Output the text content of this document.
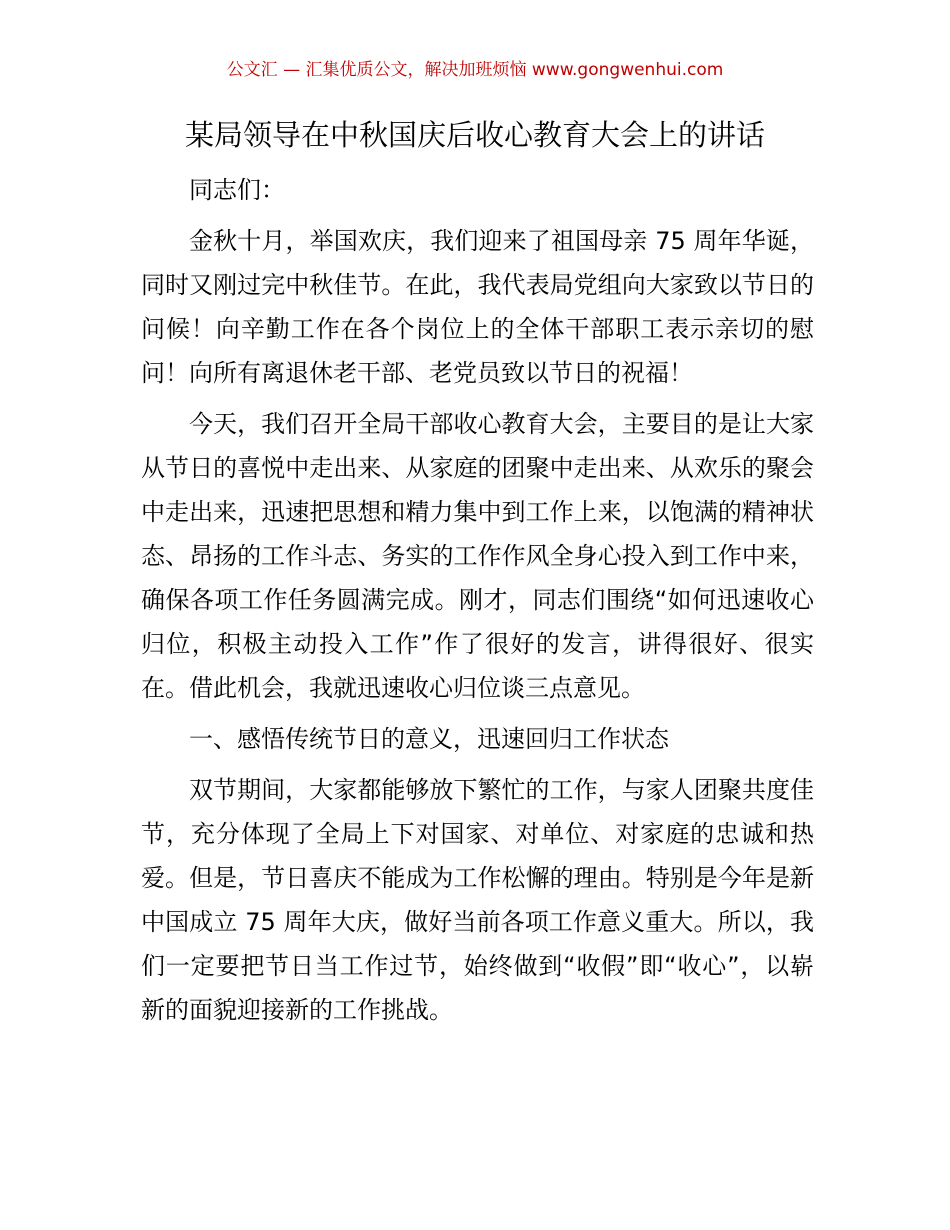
公文汇 — 汇集优质公文，解决加班烦恼 www.gongwenhui.com
某局领导在中秋国庆后收心教育大会上的讲话

同志们：

金秋十月，举国欢庆，我们迎来了祖国母亲 75 周年华诞，同时又刚过完中秋佳节。在此，我代表局党组向大家致以节日的问候！向辛勤工作在各个岗位上的全体干部职工表示亲切的慰问！向所有离退休老干部、老党员致以节日的祝福！

今天，我们召开全局干部收心教育大会，主要目的是让大家从节日的喜悦中走出来、从家庭的团聚中走出来、从欢乐的聚会中走出来，迅速把思想和精力集中到工作上来，以饱满的精神状态、昂扬的工作斗志、务实的工作作风全身心投入到工作中来，确保各项工作任务圆满完成。刚才，同志们围绕“如何迅速收心归位，积极主动投入工作”作了很好的发言，讲得很好、很实在。借此机会，我就迅速收心归位谈三点意见。

一、感悟传统节日的意义，迅速回归工作状态

双节期间，大家都能够放下繁忙的工作，与家人团聚共度佳节，充分体现了全局上下对国家、对单位、对家庭的忠诚和热爱。但是，节日喜庆不能成为工作松懈的理由。特别是今年是新中国成立 75 周年大庆，做好当前各项工作意义重大。所以，我们一定要把节日当工作过节，始终做到“收假”即“收心”，以崭新的面貌迎接新的工作挑战。
